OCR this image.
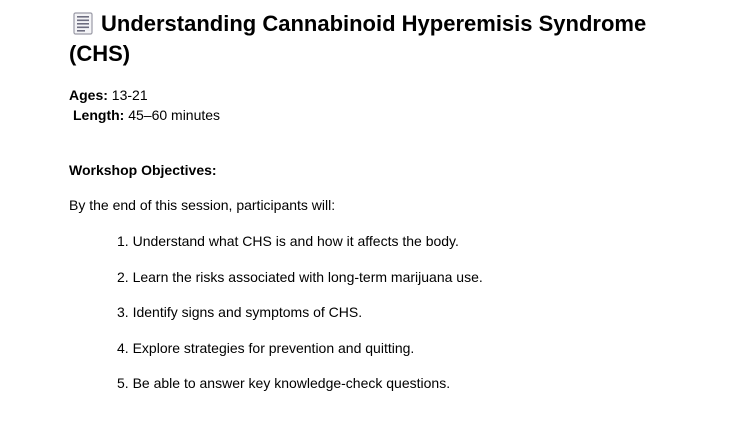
Understanding Cannabinoid Hyperemisis Syndrome (CHS)
Ages: 13-21
Length: 45–60 minutes
Workshop Objectives:
By the end of this session, participants will:
1. Understand what CHS is and how it affects the body.
2. Learn the risks associated with long-term marijuana use.
3. Identify signs and symptoms of CHS.
4. Explore strategies for prevention and quitting.
5. Be able to answer key knowledge-check questions.
